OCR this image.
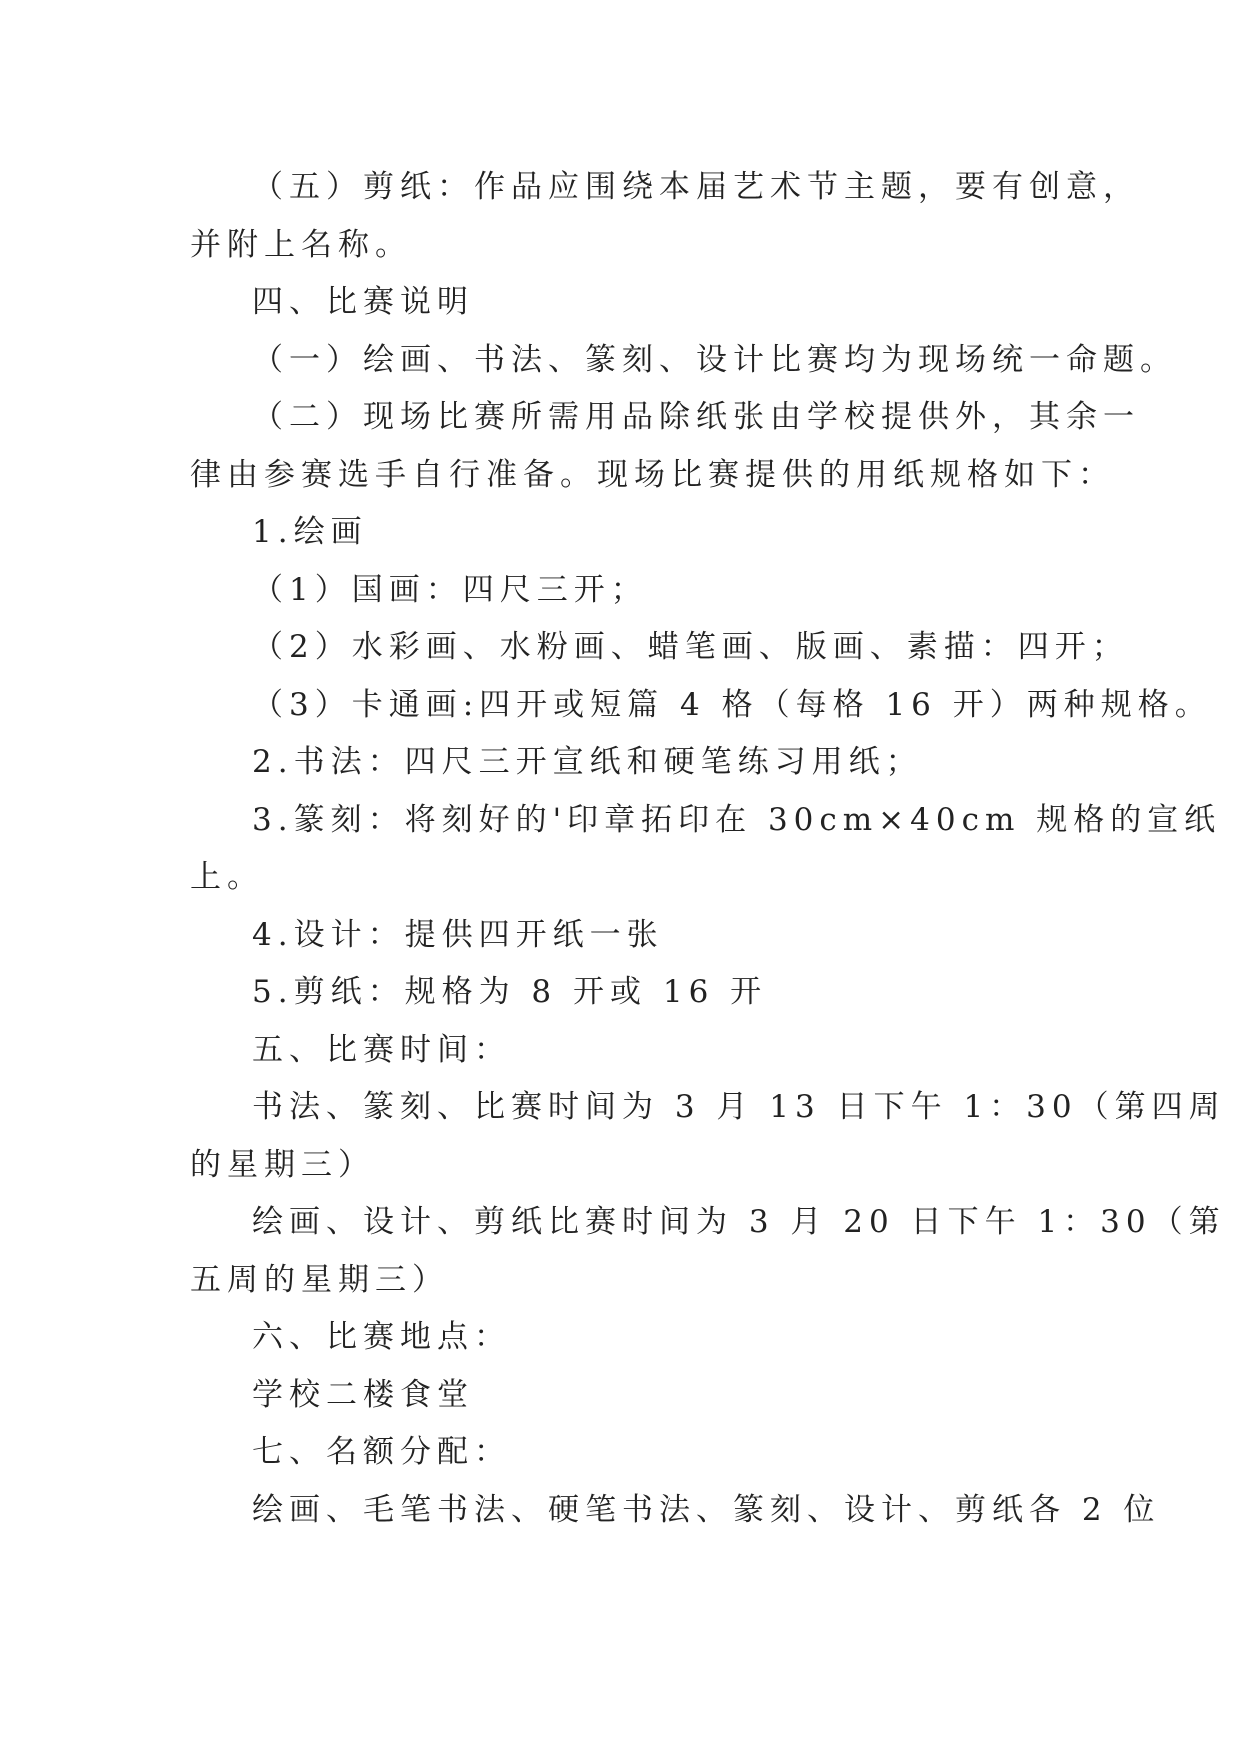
（五）剪纸：作品应围绕本届艺术节主题，要有创意，
并附上名称。
四、比赛说明
（一）绘画、书法、篆刻、设计比赛均为现场统一命题。
（二）现场比赛所需用品除纸张由学校提供外，其余一
律由参赛选手自行准备。现场比赛提供的用纸规格如下：
1.绘画
（1）国画：四尺三开；
（2）水彩画、水粉画、蜡笔画、版画、素描：四开；
（3）卡通画:四开或短篇 4 格（每格 16 开）两种规格。
2.书法：四尺三开宣纸和硬笔练习用纸；
3.篆刻：将刻好的'印章拓印在 30cm×40cm 规格的宣纸
上。
4.设计：提供四开纸一张
5.剪纸：规格为 8 开或 16 开
五、比赛时间：
书法、篆刻、比赛时间为 3 月 13 日下午 1：30（第四周
的星期三）
绘画、设计、剪纸比赛时间为 3 月 20 日下午 1：30（第
五周的星期三）
六、比赛地点：
学校二楼食堂
七、名额分配：
绘画、毛笔书法、硬笔书法、篆刻、设计、剪纸各 2 位
